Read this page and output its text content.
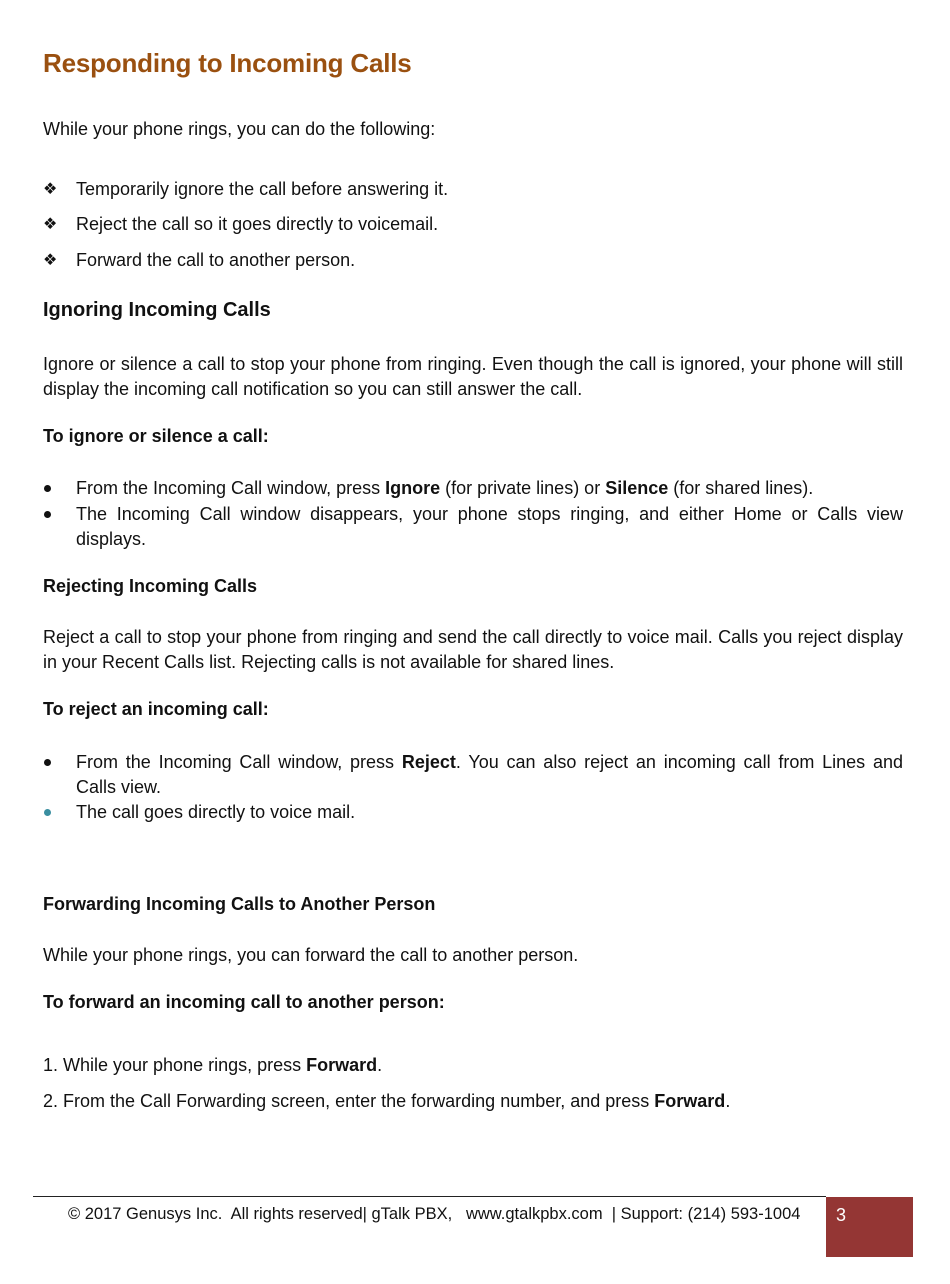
Responding to Incoming Calls

While your phone rings, you can do the following:

❖	Temporarily ignore the call before answering it.
❖	Reject the call so it goes directly to voicemail.
❖	Forward the call to another person.
Ignoring Incoming Calls

Ignore or silence a call to stop your phone from ringing. Even though the call is ignored, your phone will still display the incoming call notification so you can still answer the call.

To ignore or silence a call:
From the Incoming Call window, press Ignore (for private lines) or Silence (for shared lines).
The Incoming Call window disappears, your phone stops ringing, and either Home or Calls view displays.
Rejecting Incoming Calls

Reject a call to stop your phone from ringing and send the call directly to voice mail. Calls you reject display in your Recent Calls list. Rejecting calls is not available for shared lines.

To reject an incoming call:
From the Incoming Call window, press Reject. You can also reject an incoming call from Lines and Calls view.
The call goes directly to voice mail.
Forwarding Incoming Calls to Another Person

While your phone rings, you can forward the call to another person.

To forward an incoming call to another person:

1. While your phone rings, press Forward.

2. From the Call Forwarding screen, enter the forwarding number, and press Forward.

© 2017 Genusys Inc.  All rights reserved| gTalk PBX,   www.gtalkpbx.com  | Support: (214) 593-1004 3
